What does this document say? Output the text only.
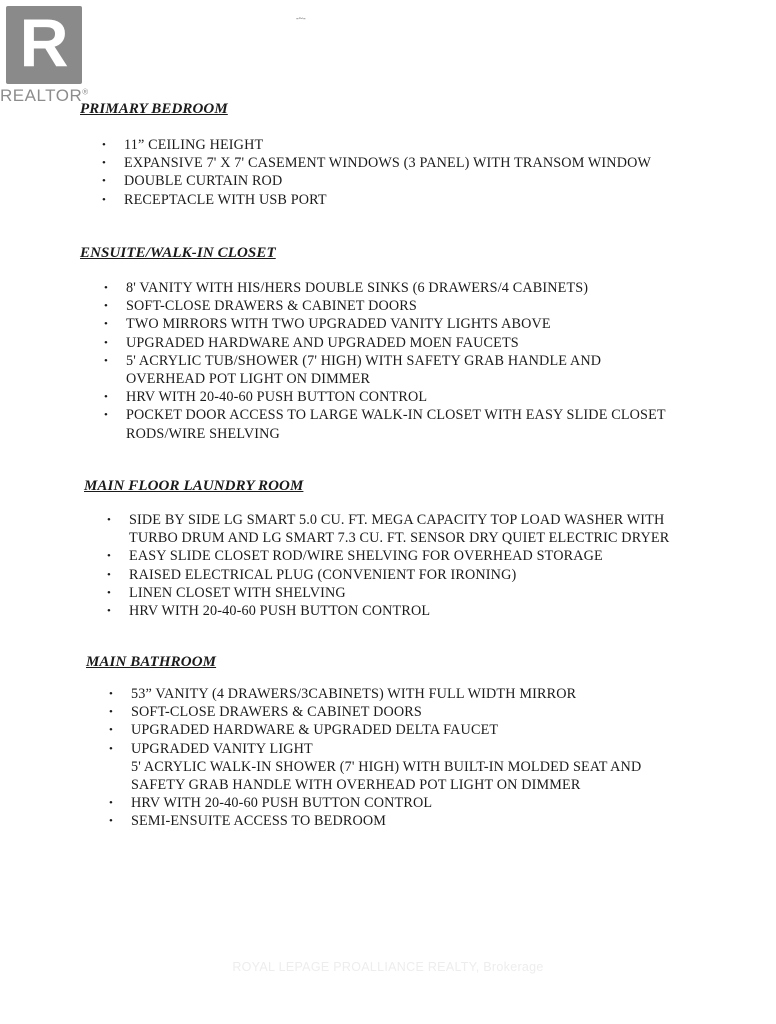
R
REALTOR®
-~-
PRIMARY BEDROOM
• 11” CEILING HEIGHT
• EXPANSIVE 7' X 7' CASEMENT WINDOWS (3 PANEL) WITH TRANSOM WINDOW
• DOUBLE CURTAIN ROD
• RECEPTACLE WITH USB PORT
ENSUITE/WALK-IN CLOSET
• 8' VANITY WITH HIS/HERS DOUBLE SINKS (6 DRAWERS/4 CABINETS)
• SOFT-CLOSE DRAWERS & CABINET DOORS
• TWO MIRRORS WITH TWO UPGRADED VANITY LIGHTS ABOVE
• UPGRADED HARDWARE AND UPGRADED MOEN FAUCETS
• 5' ACRYLIC TUB/SHOWER (7' HIGH) WITH SAFETY GRAB HANDLE AND
OVERHEAD POT LIGHT ON DIMMER
• HRV WITH 20-40-60 PUSH BUTTON CONTROL
• POCKET DOOR ACCESS TO LARGE WALK-IN CLOSET WITH EASY SLIDE CLOSET
RODS/WIRE SHELVING
MAIN FLOOR LAUNDRY ROOM
• SIDE BY SIDE LG SMART 5.0 CU. FT. MEGA CAPACITY TOP LOAD WASHER WITH
TURBO DRUM AND LG SMART 7.3 CU. FT. SENSOR DRY QUIET ELECTRIC DRYER
• EASY SLIDE CLOSET ROD/WIRE SHELVING FOR OVERHEAD STORAGE
• RAISED ELECTRICAL PLUG (CONVENIENT FOR IRONING)
• LINEN CLOSET WITH SHELVING
• HRV WITH 20-40-60 PUSH BUTTON CONTROL
MAIN BATHROOM
• 53” VANITY (4 DRAWERS/3CABINETS) WITH FULL WIDTH MIRROR
• SOFT-CLOSE DRAWERS & CABINET DOORS
• UPGRADED HARDWARE & UPGRADED DELTA FAUCET
• UPGRADED VANITY LIGHT
5' ACRYLIC WALK-IN SHOWER (7' HIGH) WITH BUILT-IN MOLDED SEAT AND
SAFETY GRAB HANDLE WITH OVERHEAD POT LIGHT ON DIMMER
• HRV WITH 20-40-60 PUSH BUTTON CONTROL
• SEMI-ENSUITE ACCESS TO BEDROOM
ROYAL LEPAGE PROALLIANCE REALTY, Brokerage
